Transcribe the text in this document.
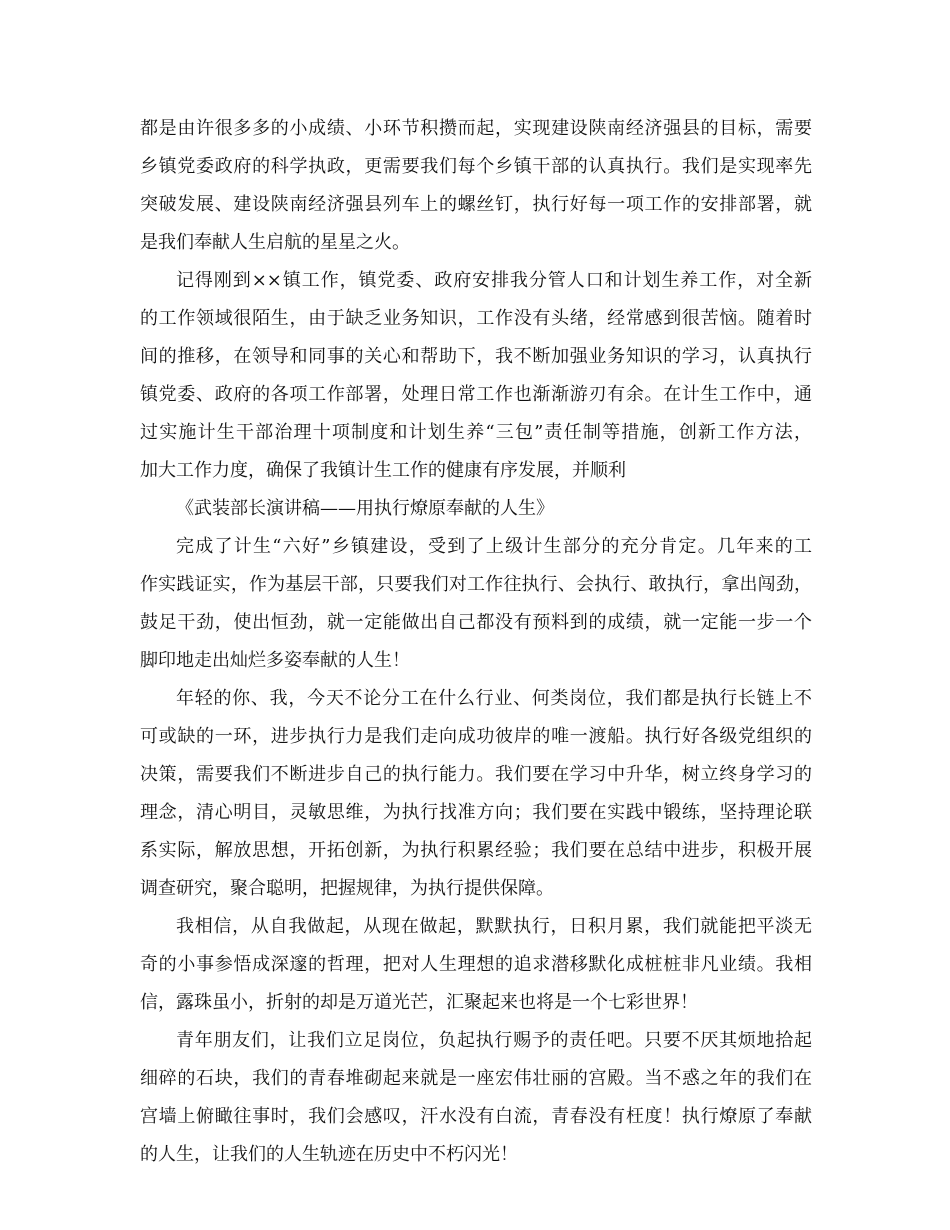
都是由许很多多的小成绩、小环节积攒而起，实现建设陕南经济强县的目标，需要
乡镇党委政府的科学执政，更需要我们每个乡镇干部的认真执行。我们是实现率先
突破发展、建设陕南经济强县列车上的螺丝钉，执行好每一项工作的安排部署，就
是我们奉献人生启航的星星之火。
记得刚到××镇工作，镇党委、政府安排我分管人口和计划生养工作，对全新
的工作领域很陌生，由于缺乏业务知识，工作没有头绪，经常感到很苦恼。随着时
间的推移，在领导和同事的关心和帮助下，我不断加强业务知识的学习，认真执行
镇党委、政府的各项工作部署，处理日常工作也渐渐游刃有余。在计生工作中，通
过实施计生干部治理十项制度和计划生养“三包”责任制等措施，创新工作方法，
加大工作力度，确保了我镇计生工作的健康有序发展，并顺利
《武装部长演讲稿——用执行燎原奉献的人生》
完成了计生“六好”乡镇建设，受到了上级计生部分的充分肯定。几年来的工
作实践证实，作为基层干部，只要我们对工作往执行、会执行、敢执行，拿出闯劲，
鼓足干劲，使出恒劲，就一定能做出自己都没有预料到的成绩，就一定能一步一个
脚印地走出灿烂多姿奉献的人生！
年轻的你、我，今天不论分工在什么行业、何类岗位，我们都是执行长链上不
可或缺的一环，进步执行力是我们走向成功彼岸的唯一渡船。执行好各级党组织的
决策，需要我们不断进步自己的执行能力。我们要在学习中升华，树立终身学习的
理念，清心明目，灵敏思维，为执行找准方向；我们要在实践中锻练，坚持理论联
系实际，解放思想，开拓创新，为执行积累经验；我们要在总结中进步，积极开展
调查研究，聚合聪明，把握规律，为执行提供保障。
我相信，从自我做起，从现在做起，默默执行，日积月累，我们就能把平淡无
奇的小事参悟成深邃的哲理，把对人生理想的追求潜移默化成桩桩非凡业绩。我相
信，露珠虽小，折射的却是万道光芒，汇聚起来也将是一个七彩世界！
青年朋友们，让我们立足岗位，负起执行赐予的责任吧。只要不厌其烦地拾起
细碎的石块，我们的青春堆砌起来就是一座宏伟壮丽的宫殿。当不惑之年的我们在
宫墙上俯瞰往事时，我们会感叹，汗水没有白流，青春没有枉度！执行燎原了奉献
的人生，让我们的人生轨迹在历史中不朽闪光！
